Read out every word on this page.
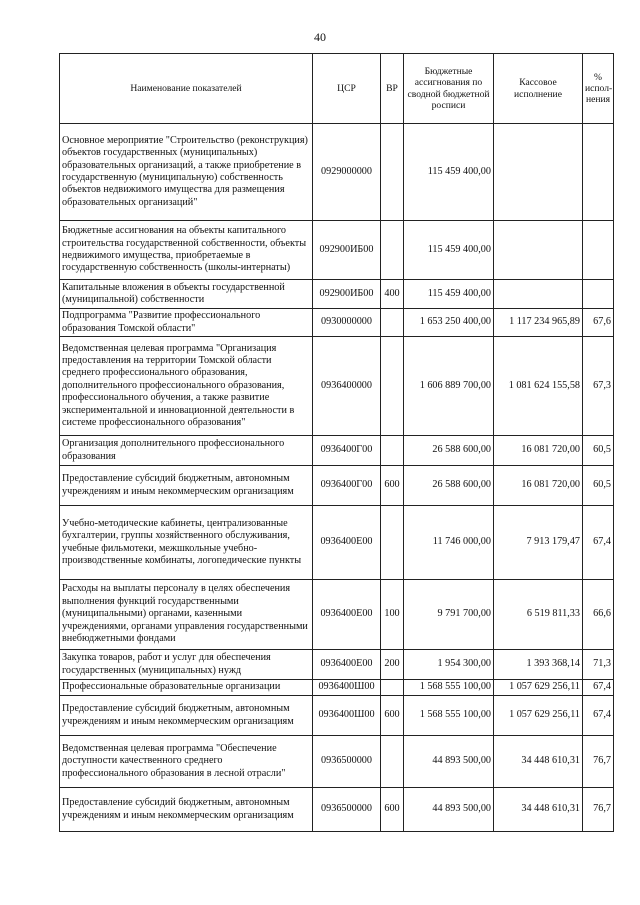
40
Наименование показателей	ЦСР	ВР	Бюджетные ассигнования по сводной бюджетной росписи	Кассовое исполнение	% испол-нения
Основное мероприятие "Строительство (реконструкция) объектов государственных (муниципальных) образовательных организаций, а также приобретение в государственную (муниципальную) собственность объектов недвижимого имущества для размещения образовательных организаций"	0929000000		115 459 400,00		
Бюджетные ассигнования на объекты капитального строительства государственной собственности, объекты недвижимого имущества, приобретаемые в государственную собственность (школы-интернаты)	092900ИБ00		115 459 400,00		
Капитальные вложения в объекты государственной (муниципальной) собственности	092900ИБ00	400	115 459 400,00		
Подпрограмма "Развитие профессионального образования Томской области"	0930000000		1 653 250 400,00	1 117 234 965,89	67,6
Ведомственная целевая программа "Организация предоставления на территории Томской области среднего профессионального образования, дополнительного профессионального образования, профессионального обучения, а также развитие экспериментальной и инновационной деятельности в системе профессионального образования"	0936400000		1 606 889 700,00	1 081 624 155,58	67,3
Организация дополнительного профессионального образования	0936400Г00		26 588 600,00	16 081 720,00	60,5
Предоставление субсидий бюджетным, автономным учреждениям и иным некоммерческим организациям	0936400Г00	600	26 588 600,00	16 081 720,00	60,5
Учебно-методические кабинеты, централизованные бухгалтерии, группы хозяйственного обслуживания, учебные фильмотеки, межшкольные учебно-производственные комбинаты, логопедические пункты	0936400Е00		11 746 000,00	7 913 179,47	67,4
Расходы на выплаты персоналу в целях обеспечения выполнения функций государственными (муниципальными) органами, казенными учреждениями, органами управления государственными внебюджетными фондами	0936400Е00	100	9 791 700,00	6 519 811,33	66,6
Закупка товаров, работ и услуг для обеспечения государственных (муниципальных) нужд	0936400Е00	200	1 954 300,00	1 393 368,14	71,3
Профессиональные образовательные организации	0936400Ш00		1 568 555 100,00	1 057 629 256,11	67,4
Предоставление субсидий бюджетным, автономным учреждениям и иным некоммерческим организациям	0936400Ш00	600	1 568 555 100,00	1 057 629 256,11	67,4
Ведомственная целевая программа "Обеспечение доступности качественного среднего профессионального образования в лесной отрасли"	0936500000		44 893 500,00	34 448 610,31	76,7
Предоставление субсидий бюджетным, автономным учреждениям и иным некоммерческим организациям	0936500000	600	44 893 500,00	34 448 610,31	76,7
